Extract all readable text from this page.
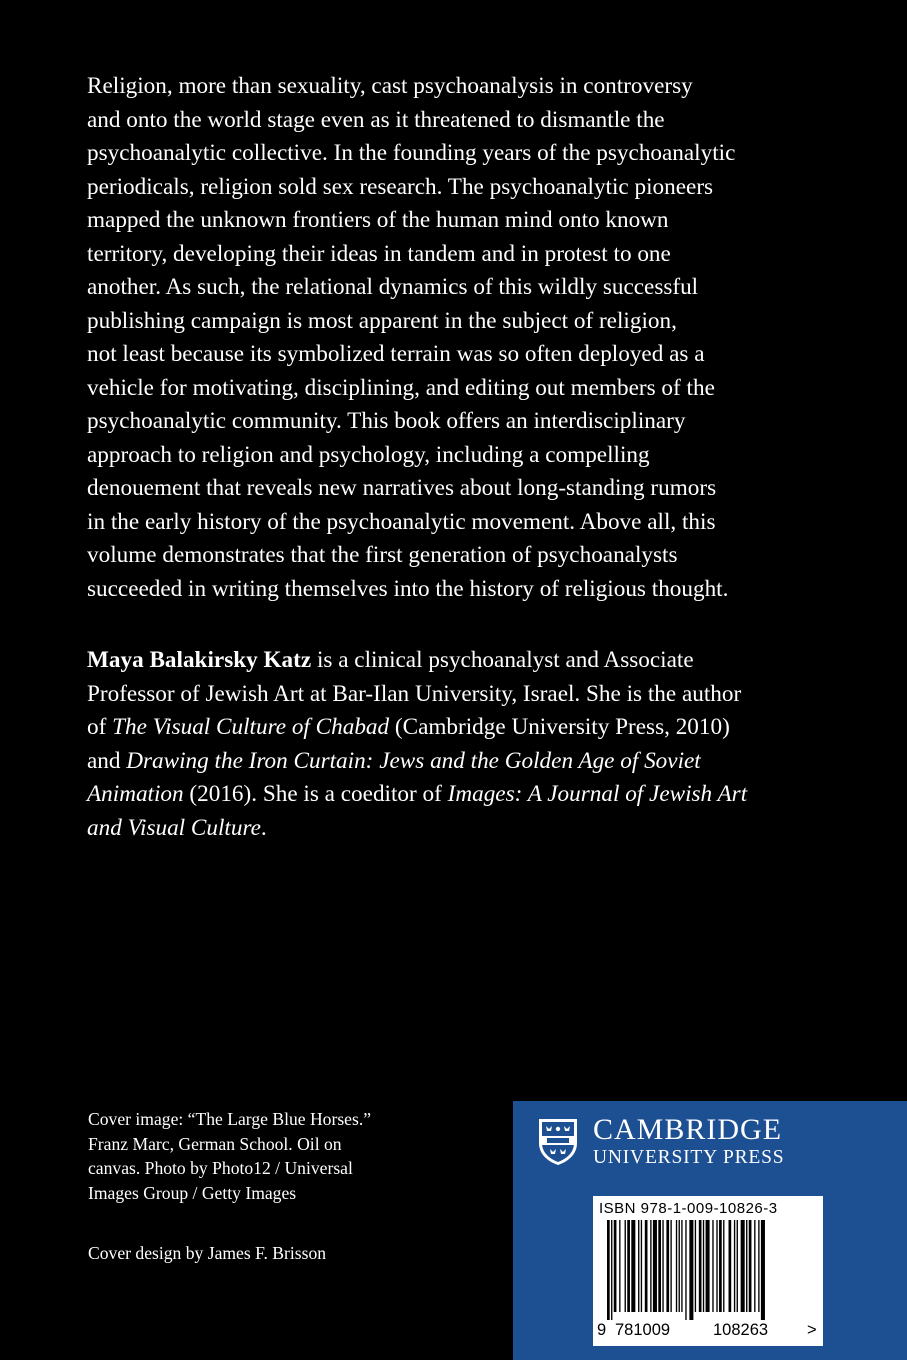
Religion, more than sexuality, cast psychoanalysis in controversy
and onto the world stage even as it threatened to dismantle the
psychoanalytic collective. In the founding years of the psychoanalytic
periodicals, religion sold sex research. The psychoanalytic pioneers
mapped the unknown frontiers of the human mind onto known
territory, developing their ideas in tandem and in protest to one
another. As such, the relational dynamics of this wildly successful
publishing campaign is most apparent in the subject of religion,
not least because its symbolized terrain was so often deployed as a
vehicle for motivating, disciplining, and editing out members of the
psychoanalytic community. This book offers an interdisciplinary
approach to religion and psychology, including a compelling
denouement that reveals new narratives about long-standing rumors
in the early history of the psychoanalytic movement. Above all, this
volume demonstrates that the first generation of psychoanalysts
succeeded in writing themselves into the history of religious thought.
Maya Balakirsky Katz is a clinical psychoanalyst and Associate
Professor of Jewish Art at Bar-Ilan University, Israel. She is the author
of The Visual Culture of Chabad (Cambridge University Press, 2010)
and Drawing the Iron Curtain: Jews and the Golden Age of Soviet
Animation (2016). She is a coeditor of Images: A Journal of Jewish Art
and Visual Culture.
Cover image: “The Large Blue Horses.”
Franz Marc, German School. Oil on
canvas. Photo by Photo12 / Universal
Images Group / Getty Images
Cover design by James F. Brisson
CAMBRIDGE
UNIVERSITY PRESS
ISBN 978-1-009-10826-3
9 781009	108263 >
